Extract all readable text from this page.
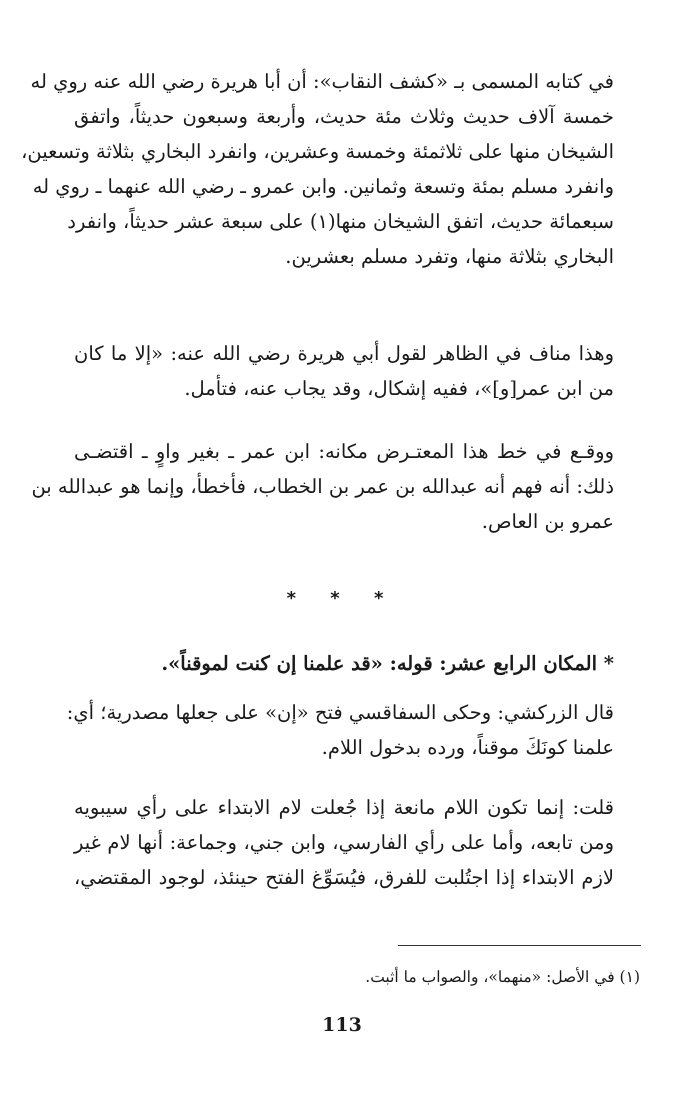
في كتابه المسمى بـ «كشف النقاب»: أن أبا هريرة رضي الله عنه روي له
خمسة آلاف حديث وثلاث مئة حديث، وأربعة وسبعون حديثاً، واتفق
الشيخان منها على ثلاثمئة وخمسة وعشرين، وانفرد البخاري بثلاثة وتسعين،
وانفرد مسلم بمئة وتسعة وثمانين. وابن عمرو ـ رضي الله عنهما ـ روي له
سبعمائة حديث، اتفق الشيخان منها(١) على سبعة عشر حديثاً، وانفرد
البخاري بثلاثة منها، وتفرد مسلم بعشرين.
وهذا مناف في الظاهر لقول أبي هريرة رضي الله عنه: «إلا ما كان
من ابن عمر[و]»، ففيه إشكال، وقد يجاب عنه، فتأمل.
ووقـع في خط هذا المعتـرض مكانه: ابن عمر ـ بغير واوٍ ـ اقتضـى
ذلك: أنه فهم أنه عبدالله بن عمر بن الخطاب، فأخطأ، وإنما هو عبدالله بن
عمرو بن العاص.
* * *
* المكان الرابع عشر: قوله: «قد علمنا إن كنت لموقناً».
قال الزركشي: وحكى السفاقسي فتح «إن» على جعلها مصدرية؛ أي:
علمنا كونَكَ موقناً، ورده بدخول اللام.
قلت: إنما تكون اللام مانعة إذا جُعلت لام الابتداء على رأي سيبويه
ومن تابعه، وأما على رأي الفارسي، وابن جني، وجماعة: أنها لام غير
لازم الابتداء إذا اجتُلبت للفرق، فيُسَوِّغ الفتح حينئذ، لوجود المقتضي،
(١) في الأصل: «منهما»، والصواب ما أثبت.
113
